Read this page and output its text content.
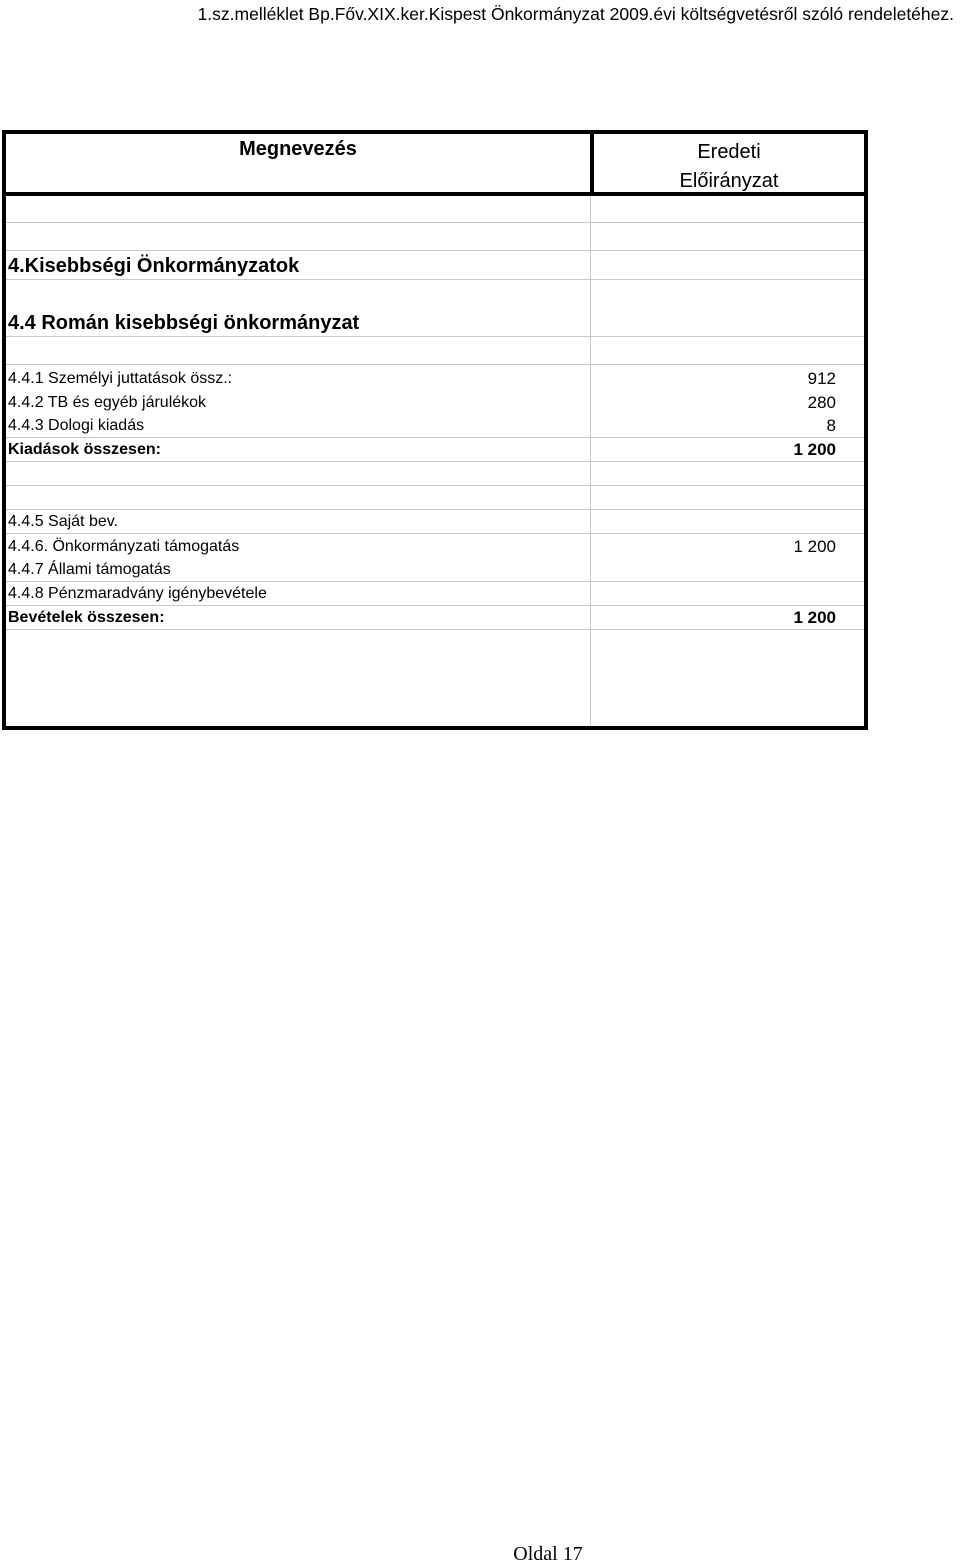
1.sz.melléklet Bp.Főv.XIX.ker.Kispest Önkormányzat 2009.évi költségvetésről szóló rendeletéhez.
Megnevezés	Eredeti
Előirányzat
4.Kisebbségi Önkormányzatok
4.4 Román kisebbségi önkormányzat
4.4.1 Személyi juttatások össz.:	912
4.4.2 TB és egyéb járulékok	280
4.4.3 Dologi kiadás	8
Kiadások összesen:	1 200
4.4.5 Saját bev.
4.4.6. Önkormányzati támogatás	1 200
4.4.7 Állami támogatás
4.4.8 Pénzmaradvány igénybevétele
Bevételek összesen:	1 200
Oldal 17
